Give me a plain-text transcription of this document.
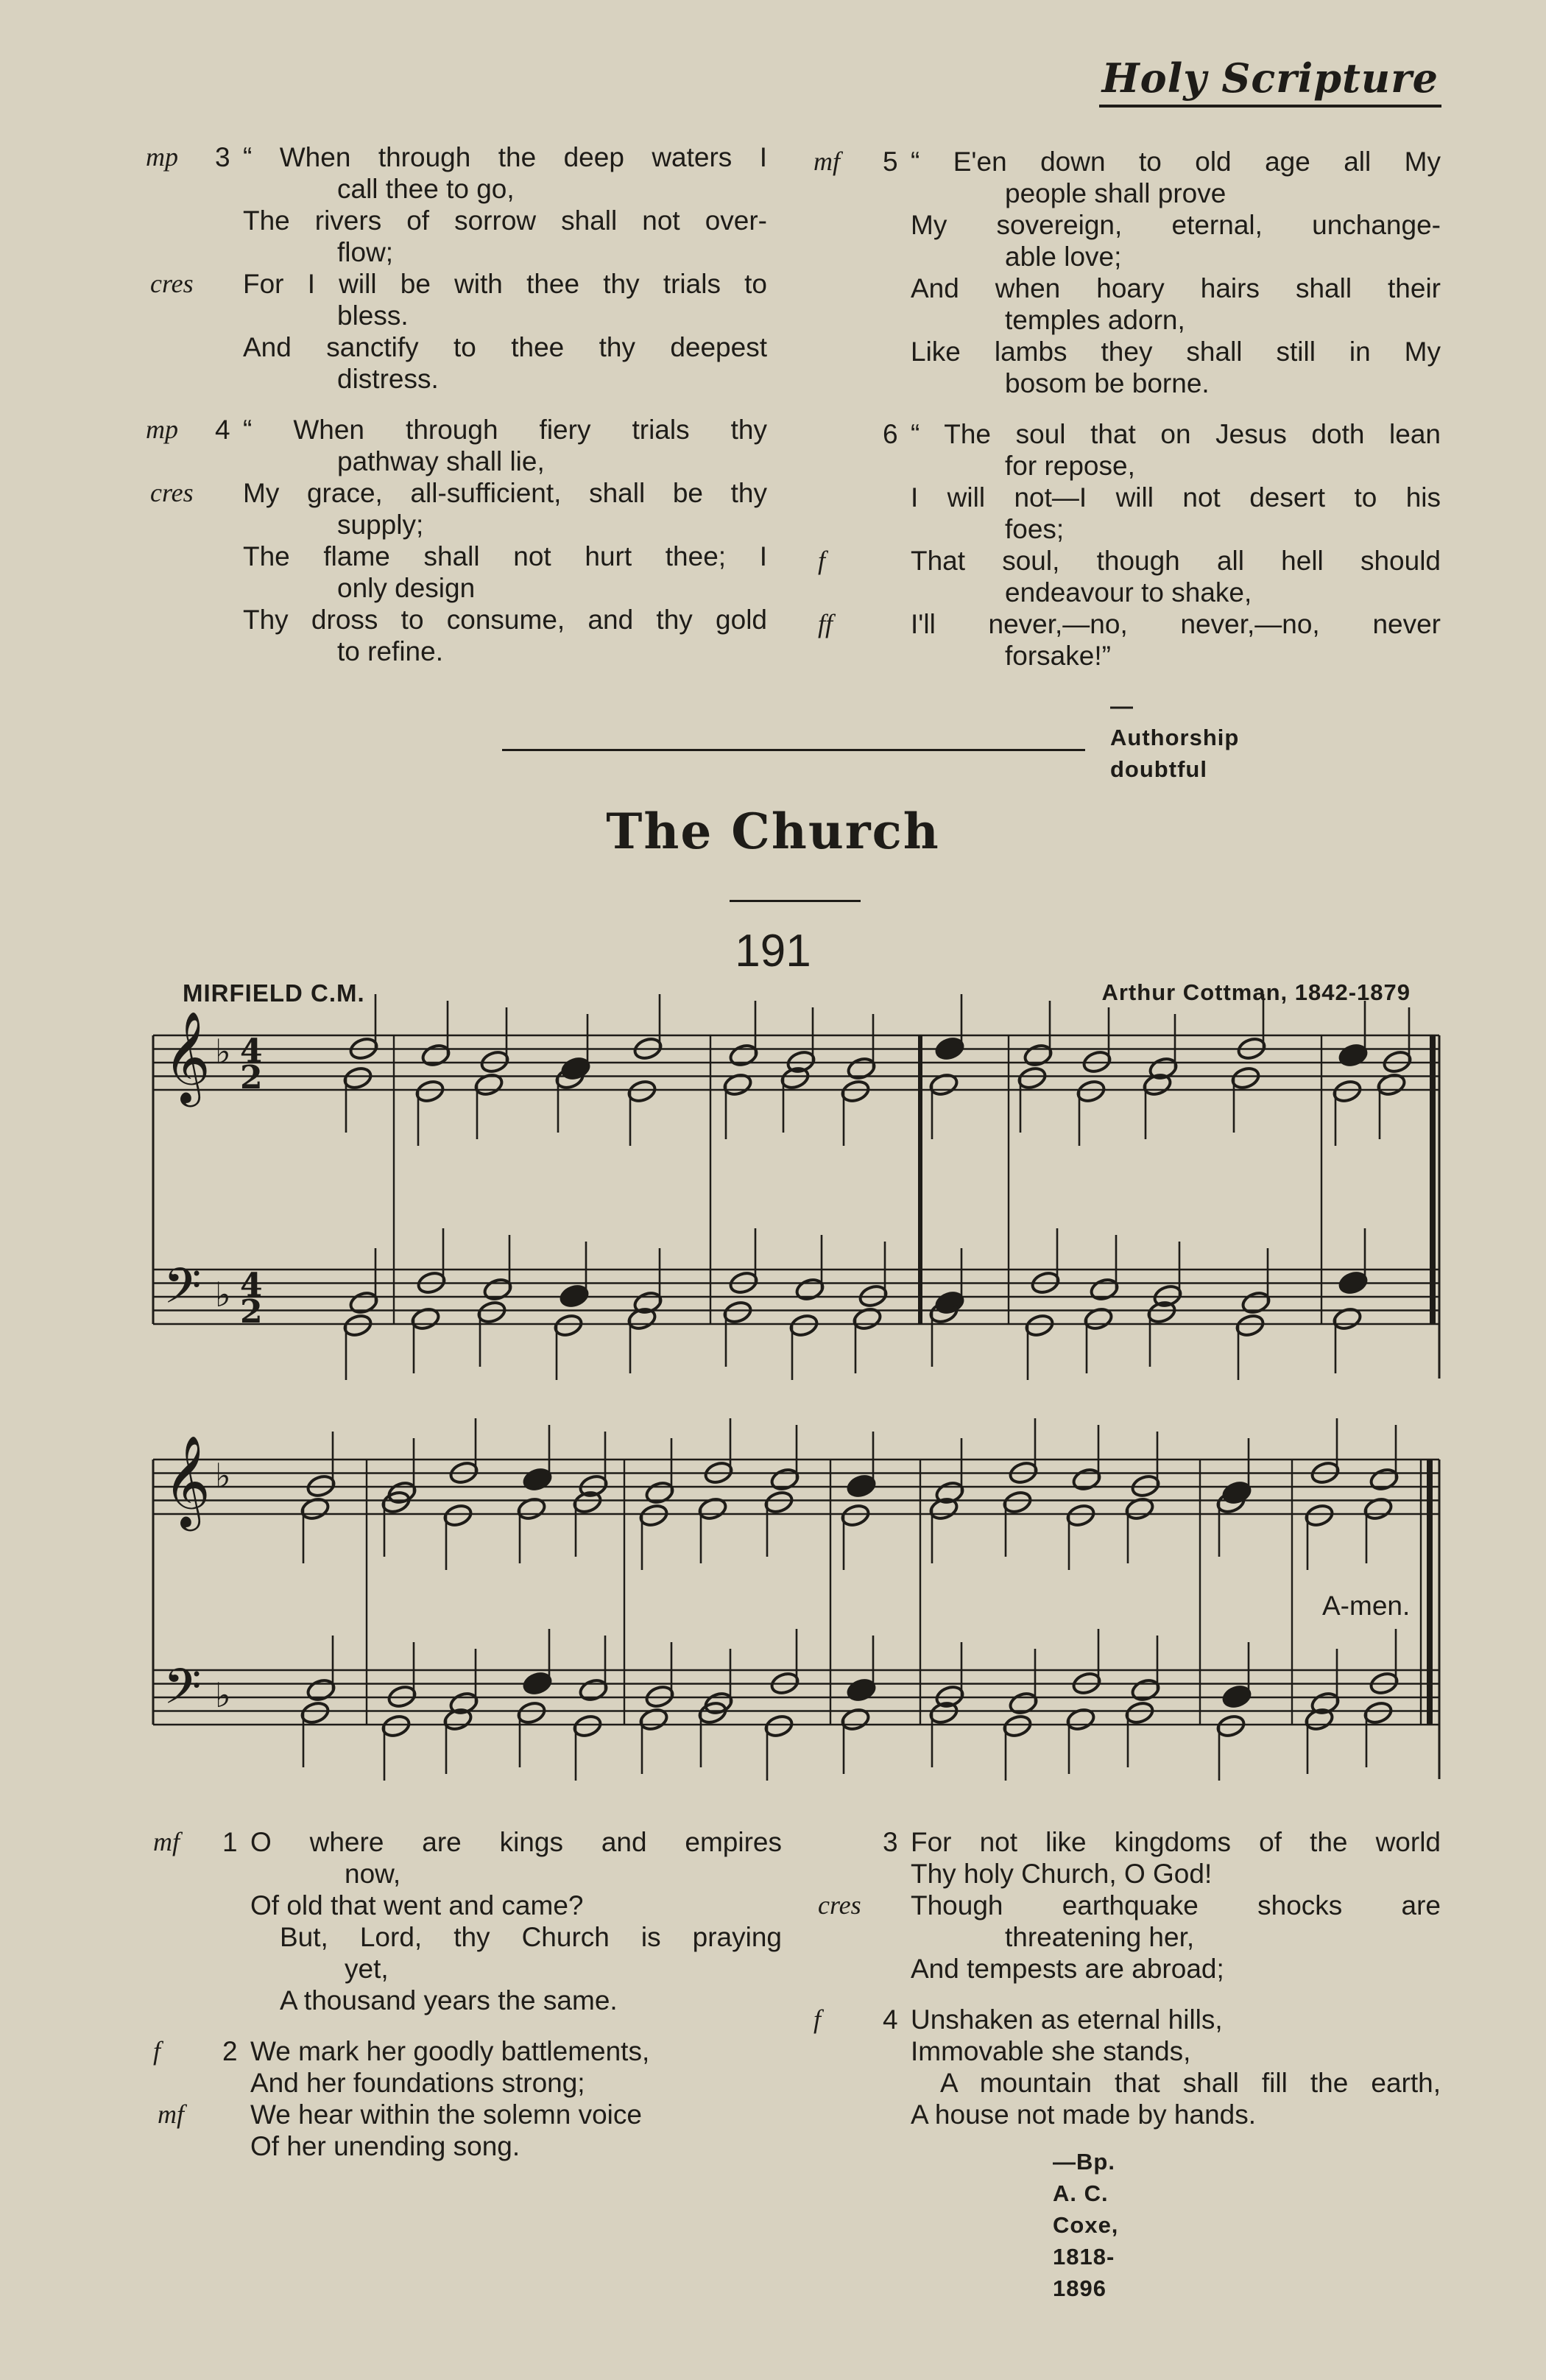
Holy Scripture
3
mp “ When through the deep waters I
call thee to go,
The rivers of sorrow shall not over-
flow;
cres For I will be with thee thy trials to
bless.
And sanctify to thee thy deepest
distress.
4
mp “ When through fiery trials thy
pathway shall lie,
cres My grace, all-sufficient, shall be thy
supply;
The flame shall not hurt thee; I
only design
Thy dross to consume, and thy gold
to refine.
5
mf	“ E'en down to old age all My
people shall prove
My sovereign, eternal, unchange-
able love;
And when hoary hairs shall their
temples adorn,
Like lambs they shall still in My
bosom be borne.
6 “ The soul that on Jesus doth lean
for repose,
I will not—I will not desert to his
foes;
f	That soul, though all hell should
endeavour to shake,
ff	I'll never,—no, never,—no, never
forsake!”
—Authorship doubtful
The Church
191
MIRFIELD C.M.	Arthur Cottman, 1842-1879
𝄞 ♭ 4
2
𝄢 ♭ 4
2
𝄞 ♭
𝄢 ♭
A-men.
1
mf	O where are kings and empires
now,
Of old that went and came?
But, Lord, thy Church is praying
yet,
A thousand years the same.
2
f	We mark her goodly battlements,
And her foundations strong;
mf We hear within the solemn voice
Of her unending song.
3 For not like kingdoms of the world
Thy holy Church, O God!
cres Though earthquake shocks are
threatening her,
And tempests are abroad;
4
f	Unshaken as eternal hills,
Immovable she stands,
A mountain that shall fill the earth,
A house not made by hands.
—Bp. A. C. Coxe, 1818-1896
